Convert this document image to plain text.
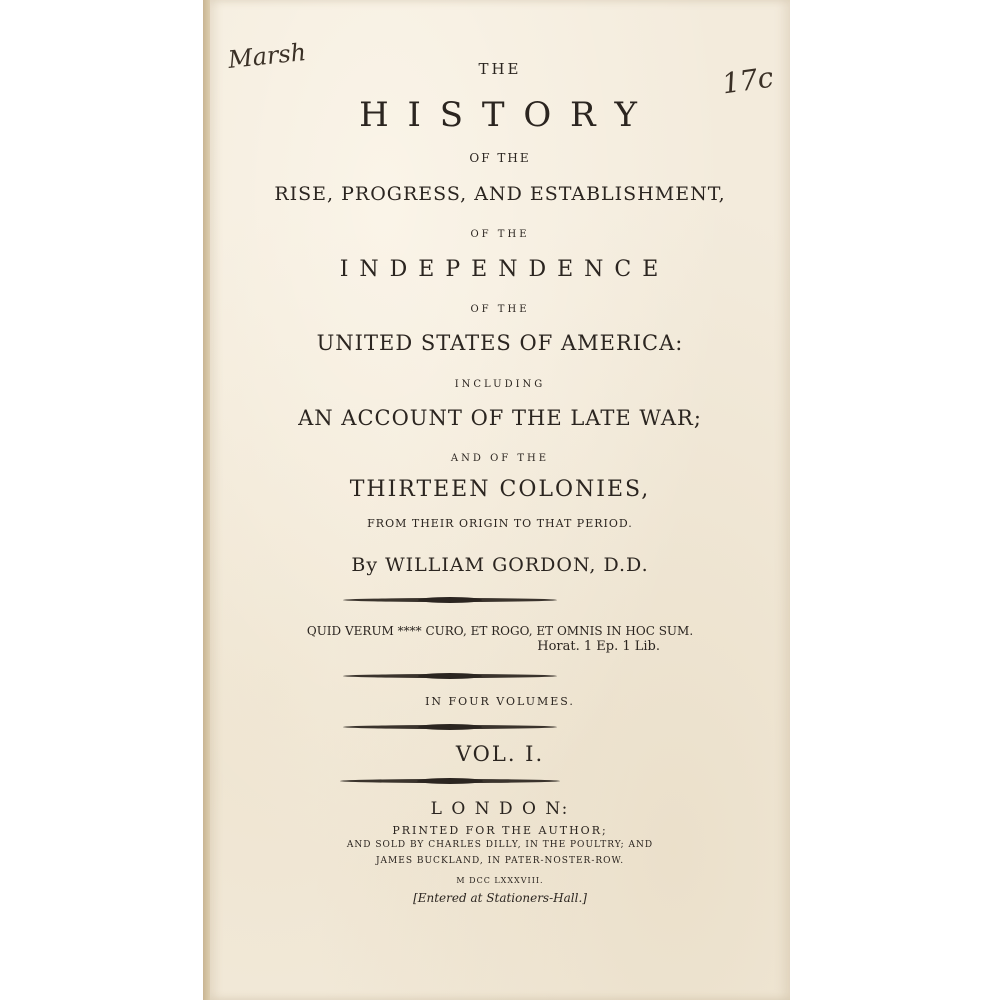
Marsh
17c
THE
H I S T O R Y
OF THE
RISE, PROGRESS, AND ESTABLISHMENT,
OF THE
I N D E P E N D E N C E
OF THE
UNITED STATES OF AMERICA:
INCLUDING
AN ACCOUNT OF THE LATE WAR;
AND OF THE
THIRTEEN COLONIES,
FROM THEIR ORIGIN TO THAT PERIOD.
By WILLIAM GORDON, D.D.
QUID VERUM **** CURO, ET ROGO, ET OMNIS IN HOC SUM.
Horat. 1 Ep. 1 Lib.
IN FOUR VOLUMES.
VOL. I.
L O N D O N:
PRINTED FOR THE AUTHOR;
AND SOLD BY CHARLES DILLY, IN THE POULTRY; AND
JAMES BUCKLAND, IN PATER-NOSTER-ROW.
M DCC LXXXVIII.
[Entered at Stationers-Hall.]
